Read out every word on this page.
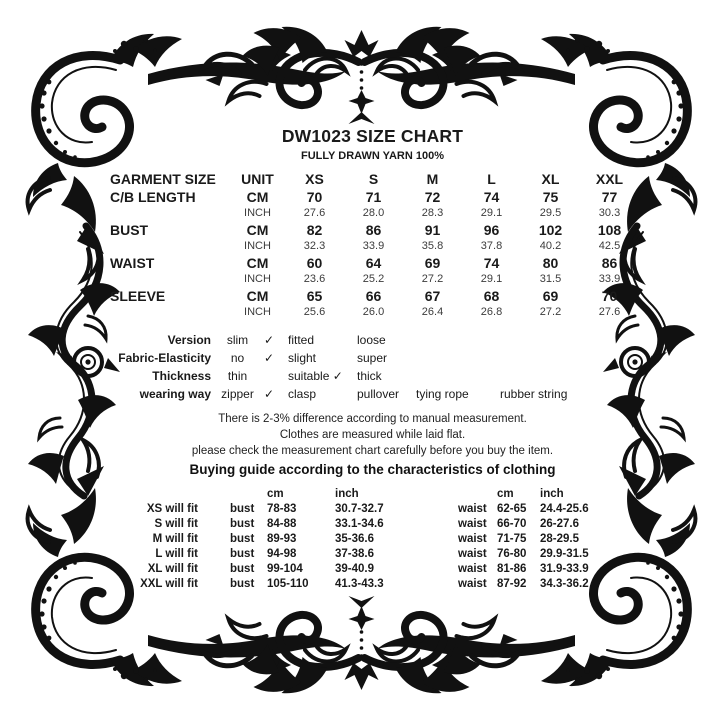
DW1023 SIZE CHART
FULLY DRAWN YARN 100%
GARMENT SIZE	UNIT	XS	S	M	L	XL	XXL
C/B LENGTH	CM	70	71	72	74	75	77
INCH	27.6	28.0	28.3	29.1	29.5	30.3
BUST	CM	82	86	91	96	102	108
INCH	32.3	33.9	35.8	37.8	40.2	42.5
WAIST	CM	60	64	69	74	80	86
INCH	23.6	25.2	27.2	29.1	31.5	33.9
SLEEVE	CM	65	66	67	68	69	70
INCH	25.6	26.0	26.4	26.8	27.2	27.6
Version	slim	✓	fitted	loose
Fabric-Elasticity	no	✓	slight	super
Thickness	thin	suitable ✓	thick
wearing way zipper ✓	clasp	pullover	tying rope	rubber string
There is 2-3% difference according to manual measurement.
Clothes are measured while laid flat.
please check the measurement chart carefully before you buy the item.
Buying guide according to the characteristics of clothing
cm	inch
XS will fit	bust	78-83	30.7-32.7
S will fit	bust	84-88	33.1-34.6
M will fit	bust	89-93	35-36.6
L will fit	bust	94-98	37-38.6
XL will fit	bust	99-104	39-40.9
XXL will fit	bust	105-110	41.3-43.3
cm	inch
waist 62-65	24.4-25.6
waist 66-70	26-27.6
waist 71-75	28-29.5
waist 76-80	29.9-31.5
waist 81-86	31.9-33.9
waist 87-92	34.3-36.2
